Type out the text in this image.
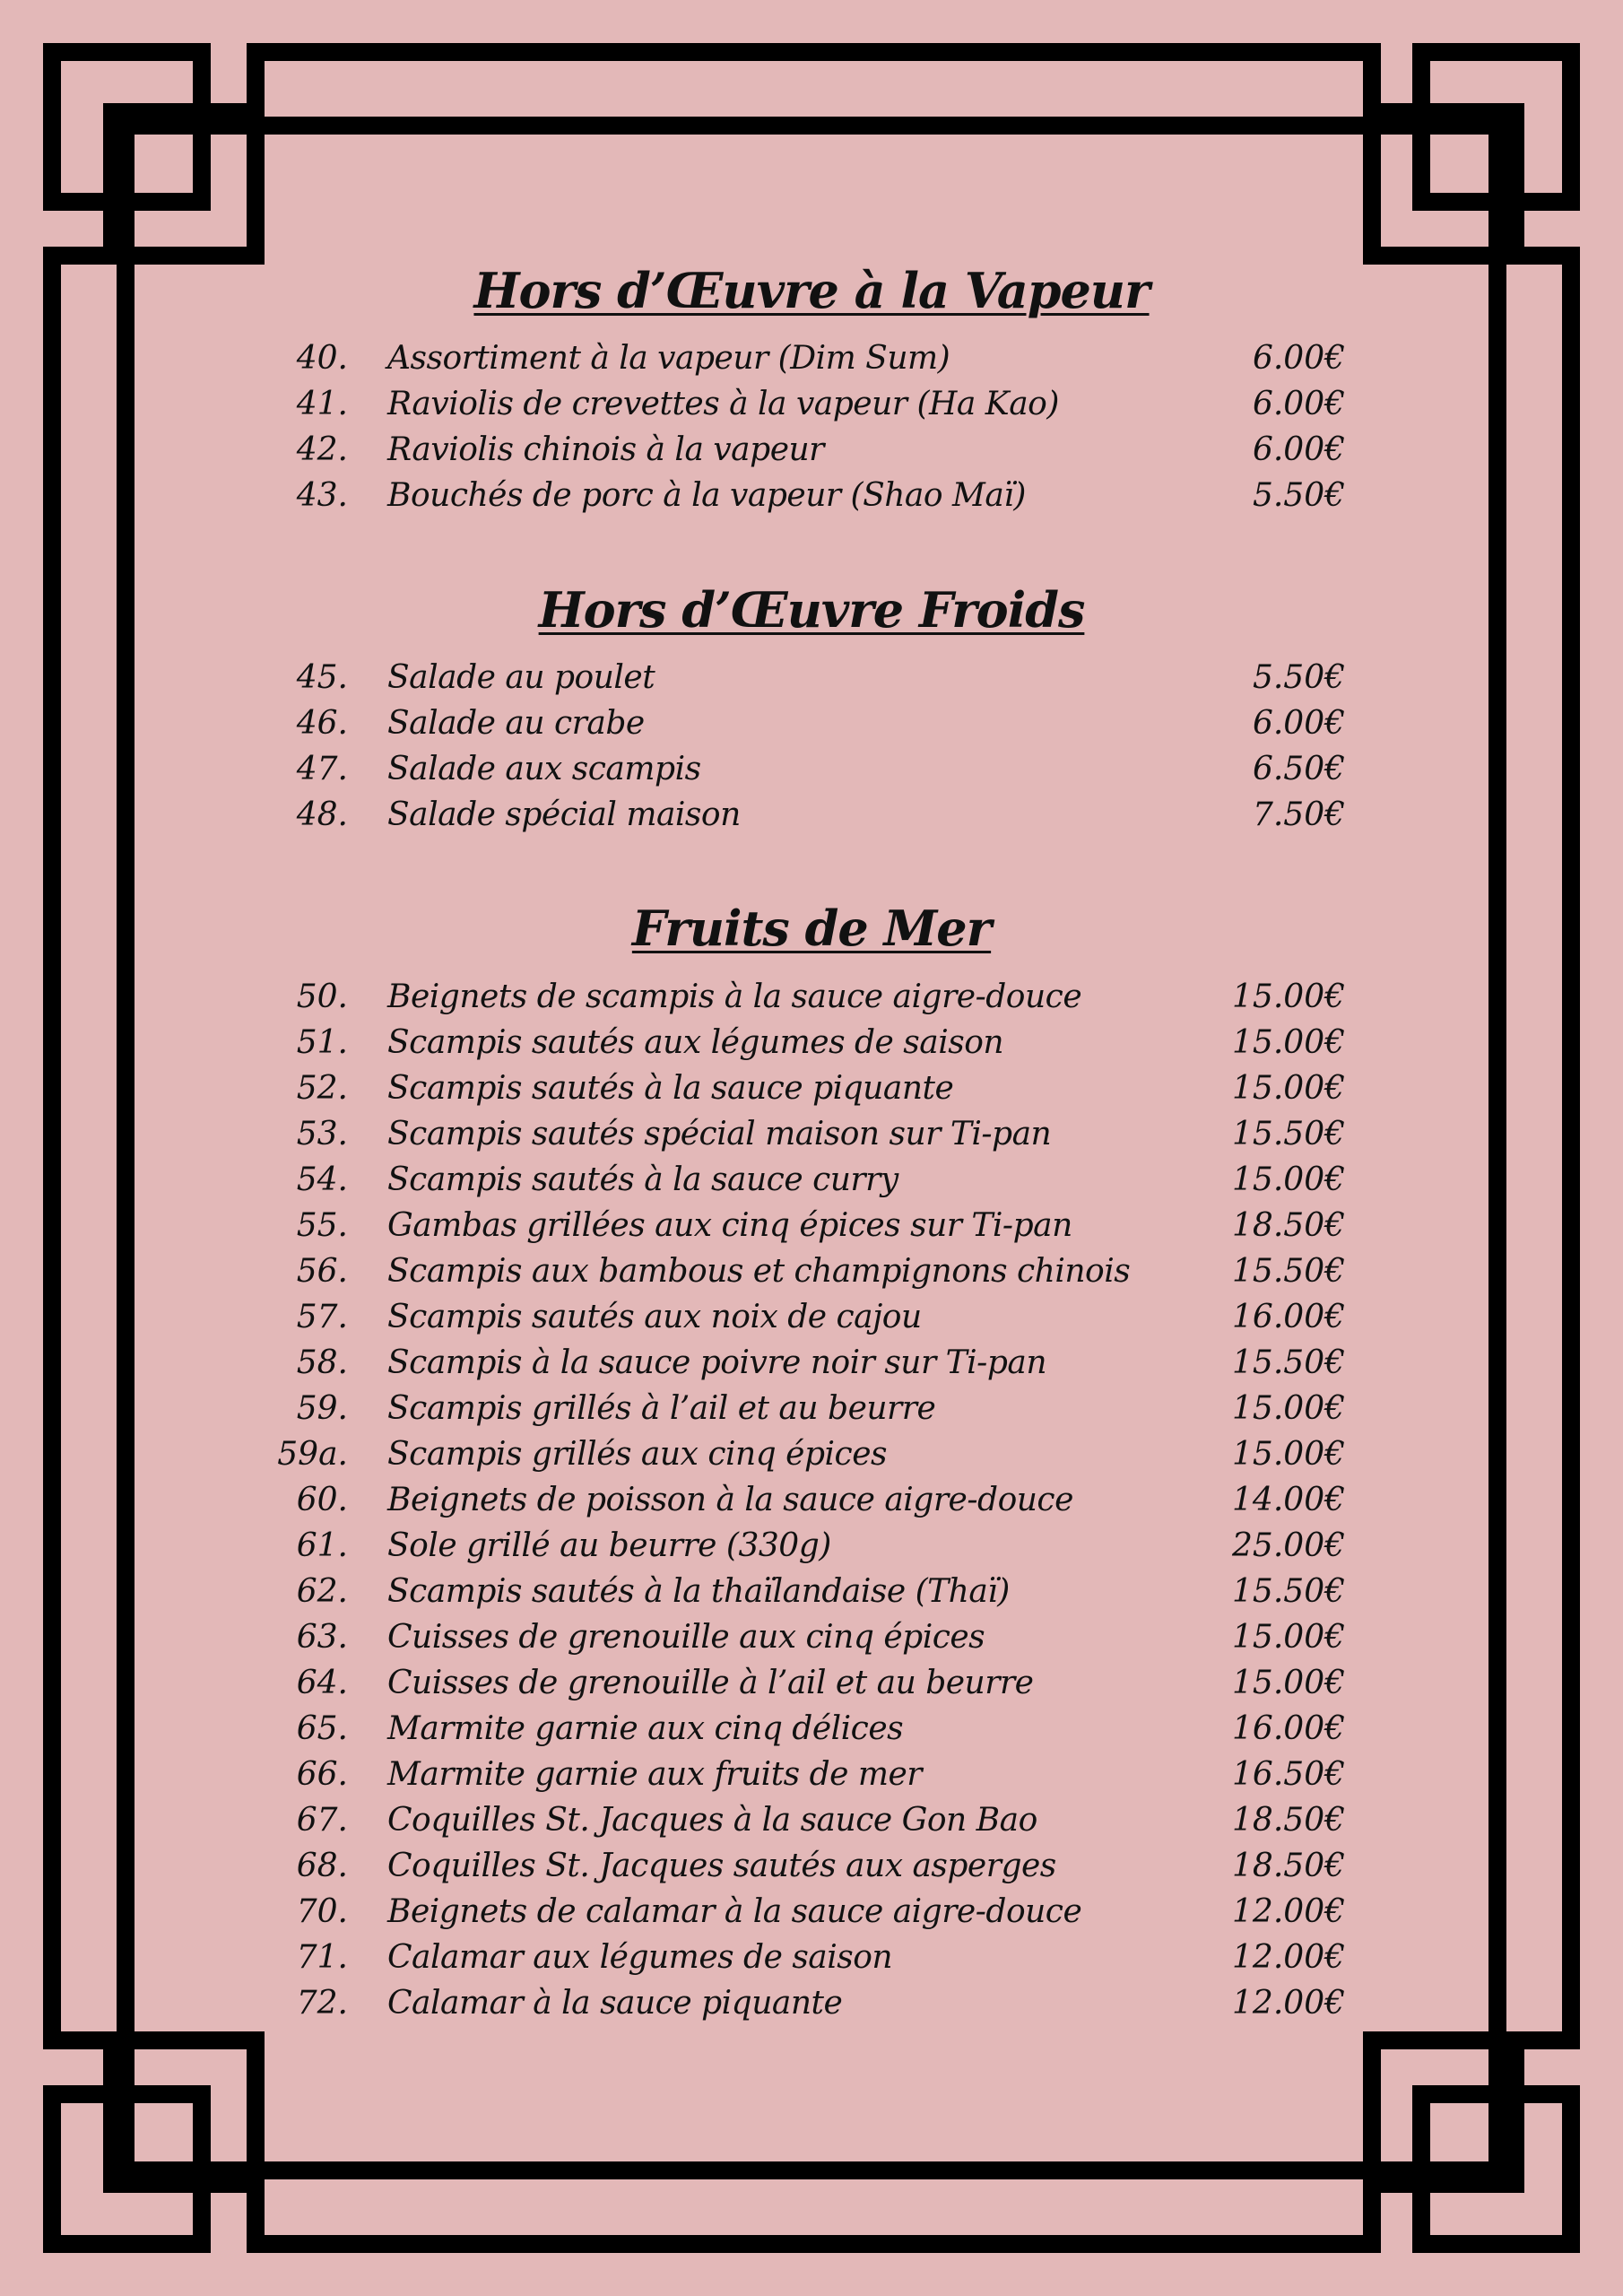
Hors d’Œuvre à la Vapeur
40. Assortiment à la vapeur (Dim Sum)	6.00€
41. Raviolis de crevettes à la vapeur (Ha Kao)	6.00€
42. Raviolis chinois à la vapeur	6.00€
43. Bouchés de porc à la vapeur (Shao Maï)	5.50€
Hors d’Œuvre Froids
45. Salade au poulet	5.50€
46. Salade au crabe	6.00€
47. Salade aux scampis	6.50€
48. Salade spécial maison	7.50€
Fruits de Mer
50. Beignets de scampis à la sauce aigre-douce	15.00€
51. Scampis sautés aux légumes de saison	15.00€
52. Scampis sautés à la sauce piquante	15.00€
53. Scampis sautés spécial maison sur Ti-pan	15.50€
54. Scampis sautés à la sauce curry	15.00€
55. Gambas grillées aux cinq épices sur Ti-pan	18.50€
56. Scampis aux bambous et champignons chinois	15.50€
57. Scampis sautés aux noix de cajou	16.00€
58. Scampis à la sauce poivre noir sur Ti-pan	15.50€
59. Scampis grillés à l’ail et au beurre	15.00€
59a. Scampis grillés aux cinq épices	15.00€
60. Beignets de poisson à la sauce aigre-douce	14.00€
61. Sole grillé au beurre (330g)	25.00€
62. Scampis sautés à la thaïlandaise (Thaï)	15.50€
63. Cuisses de grenouille aux cinq épices	15.00€
64. Cuisses de grenouille à l’ail et au beurre	15.00€
65. Marmite garnie aux cinq délices	16.00€
66. Marmite garnie aux fruits de mer	16.50€
67. Coquilles St. Jacques à la sauce Gon Bao	18.50€
68. Coquilles St. Jacques sautés aux asperges	18.50€
70. Beignets de calamar à la sauce aigre-douce	12.00€
71. Calamar aux légumes de saison	12.00€
72. Calamar à la sauce piquante	12.00€
